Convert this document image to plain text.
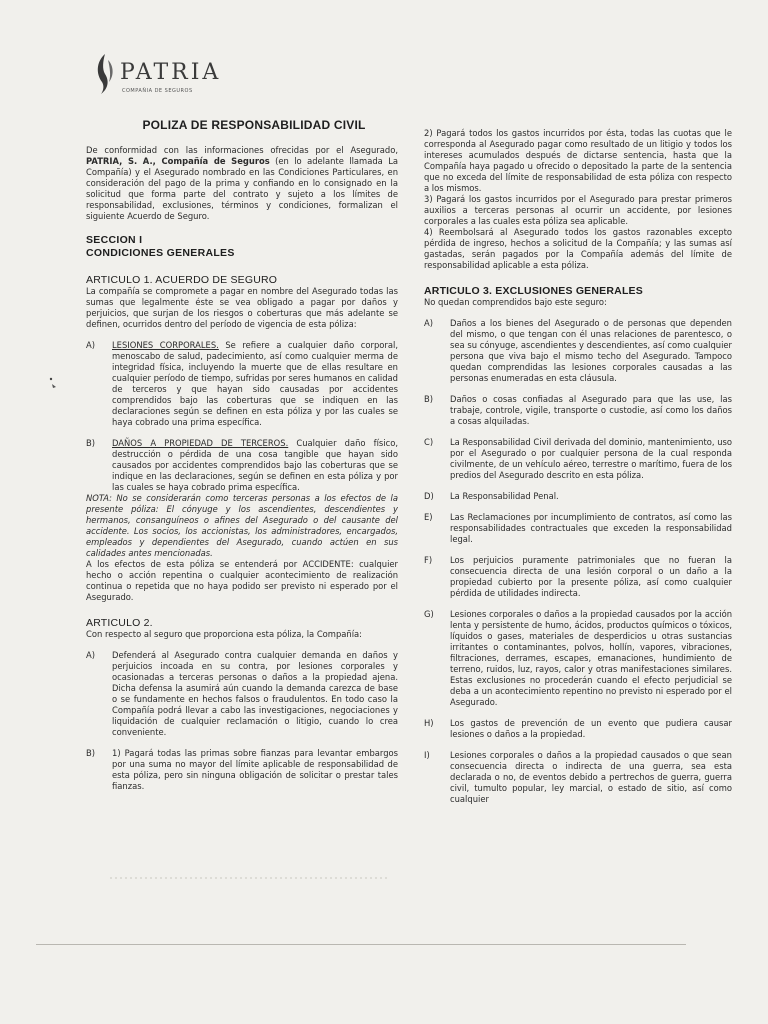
PATRIA
COMPAÑIA DE SEGUROS
POLIZA DE RESPONSABILIDAD CIVIL

De conformidad con las informaciones ofrecidas por el Asegurado, PATRIA, S. A., Compañía de Seguros (en lo adelante llamada La Compañía) y el Asegurado nombrado en las Condiciones Particulares, en consideración del pago de la prima y confiando en lo consignado en la solicitud que forma parte del contrato y sujeto a los límites de responsabilidad, exclusiones, términos y condiciones, formalizan el siguiente Acuerdo de Seguro.

SECCION I
CONDICIONES GENERALES
ARTICULO 1. ACUERDO DE SEGURO

La compañía se compromete a pagar en nombre del Asegurado todas las sumas que legalmente éste se vea obligado a pagar por daños y perjuicios, que surjan de los riesgos o coberturas que más adelante se definen, ocurridos dentro del período de vigencia de esta póliza:

A)	LESIONES CORPORALES. Se refiere a cualquier daño corporal, menoscabo de salud, padecimiento, así como cualquier merma de integridad física, incluyendo la muerte que de ellas resultare en cualquier período de tiempo, sufridas por seres humanos en calidad de terceros y que hayan sido causadas por accidentes comprendidos bajo las coberturas que se indiquen en las declaraciones según se definen en esta póliza y por las cuales se haya cobrado una prima específica.
B)	DAÑOS A PROPIEDAD DE TERCEROS. Cualquier daño físico, destrucción o pérdida de una cosa tangible que hayan sido causados por accidentes comprendidos bajo las coberturas que se indique en las declaraciones, según se definen en esta póliza y por las cuales se haya cobrado prima específica.

NOTA: No se considerarán como terceras personas a los efectos de la presente póliza: El cónyuge y los ascendientes, descendientes y hermanos, consanguíneos o afines del Asegurado o del causante del accidente. Los socios, los accionistas, los administradores, encargados, empleados y dependientes del Asegurado, cuando actúen en sus calidades antes mencionadas.

A los efectos de esta póliza se entenderá por ACCIDENTE: cualquier hecho o acción repentina o cualquier acontecimiento de realización continua o repetida que no haya podido ser previsto ni esperado por el Asegurado.

ARTICULO 2.

Con respecto al seguro que proporciona esta póliza, la Compañía:

A)	Defenderá al Asegurado contra cualquier demanda en daños y perjuicios incoada en su contra, por lesiones corporales y ocasionadas a terceras personas o daños a la propiedad ajena. Dicha defensa la asumirá aún cuando la demanda carezca de base o se fundamente en hechos falsos o fraudulentos. En todo caso la Compañía podrá llevar a cabo las investigaciones, negociaciones y liquidación de cualquier reclamación o litigio, cuando lo crea conveniente.
B)	1) Pagará todas las primas sobre fianzas para levantar embargos por una suma no mayor del límite aplicable de responsabilidad de esta póliza, pero sin ninguna obligación de solicitar o prestar tales fianzas.

2) Pagará todos los gastos incurridos por ésta, todas las cuotas que le corresponda al Asegurado pagar como resultado de un litigio y todos los intereses acumulados después de dictarse sentencia, hasta que la Compañía haya pagado u ofrecido o depositado la parte de la sentencia que no exceda del límite de responsabilidad de esta póliza con respecto a los mismos.

3) Pagará los gastos incurridos por el Asegurado para prestar primeros auxilios a terceras personas al ocurrir un accidente, por lesiones corporales a las cuales esta póliza sea aplicable.

4) Reembolsará al Asegurado todos los gastos razonables excepto pérdida de ingreso, hechos a solicitud de la Compañía; y las sumas así gastadas, serán pagados por la Compañía además del límite de responsabilidad aplicable a esta póliza.

ARTICULO 3. EXCLUSIONES GENERALES

No quedan comprendidos bajo este seguro:

A)	Daños a los bienes del Asegurado o de personas que dependen del mismo, o que tengan con él unas relaciones de parentesco, o sea su cónyuge, ascendientes y descendientes, así como cualquier persona que viva bajo el mismo techo del Asegurado. Tampoco quedan comprendidas las lesiones corporales causadas a las personas enumeradas en esta cláusula.
B)	Daños o cosas confiadas al Asegurado para que las use, las trabaje, controle, vigile, transporte o custodie, así como los daños a cosas alquiladas.
C)	La Responsabilidad Civil derivada del dominio, mantenimiento, uso por el Asegurado o por cualquier persona de la cual responda civilmente, de un vehículo aéreo, terrestre o marítimo, fuera de los predios del Asegurado descrito en esta póliza.
D)	La Responsabilidad Penal.
E)	Las Reclamaciones por incumplimiento de contratos, así como las responsabilidades contractuales que exceden la responsabilidad legal.
F)	Los perjuicios puramente patrimoniales que no fueran la consecuencia directa de una lesión corporal o un daño a la propiedad cubierto por la presente póliza, así como cualquier pérdida de utilidades indirecta.
G)	Lesiones corporales o daños a la propiedad causados por la acción lenta y persistente de humo, ácidos, productos químicos o tóxicos, líquidos o gases, materiales de desperdicios u otras sustancias irritantes o contaminantes, polvos, hollín, vapores, vibraciones, filtraciones, derrames, escapes, emanaciones, hundimiento de terreno, ruidos, luz, rayos, calor y otras manifestaciones similares. Estas exclusiones no procederán cuando el efecto perjudicial se deba a un acontecimiento repentino no previsto ni esperado por el Asegurado.
H)	Los gastos de prevención de un evento que pudiera causar lesiones o daños a la propiedad.
I)	Lesiones corporales o daños a la propiedad causados o que sean consecuencia directa o indirecta de una guerra, sea esta declarada o no, de eventos debido a pertrechos de guerra, guerra civil, tumulto popular, ley marcial, o estado de sitio, así como cualquier
